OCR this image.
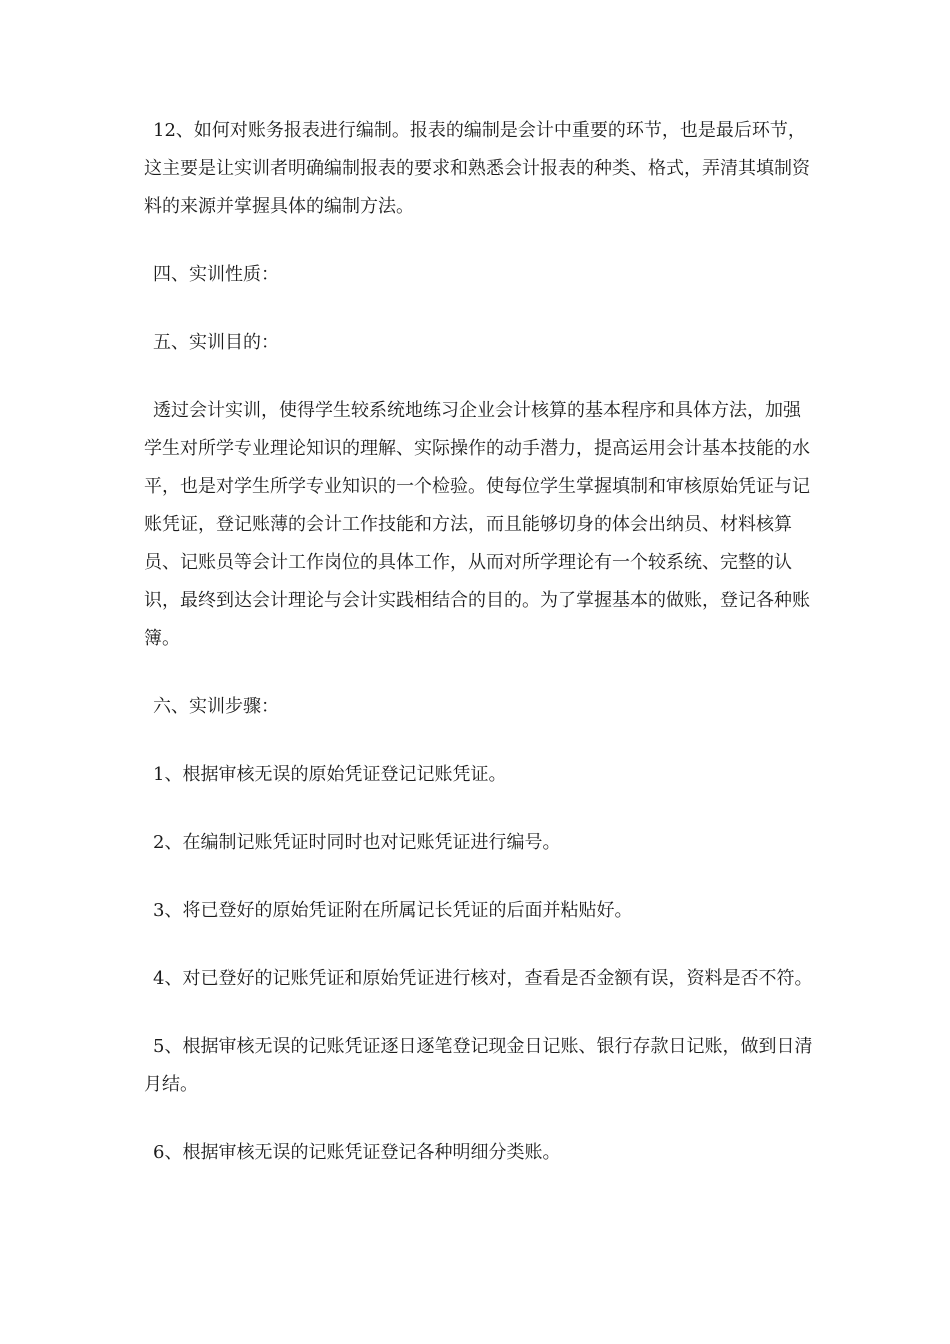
12、如何对账务报表进行编制。报表的编制是会计中重要的环节，也是最后环节，这主要是让实训者明确编制报表的要求和熟悉会计报表的种类、格式，弄清其填制资料的来源并掌握具体的编制方法。

四、实训性质：

五、实训目的：

透过会计实训，使得学生较系统地练习企业会计核算的基本程序和具体方法，加强学生对所学专业理论知识的理解、实际操作的动手潜力，提高运用会计基本技能的水平，也是对学生所学专业知识的一个检验。使每位学生掌握填制和审核原始凭证与记账凭证，登记账薄的会计工作技能和方法，而且能够切身的体会出纳员、材料核算员、记账员等会计工作岗位的具体工作，从而对所学理论有一个较系统、完整的认识，最终到达会计理论与会计实践相结合的目的。为了掌握基本的做账，登记各种账簿。

六、实训步骤：

1、根据审核无误的原始凭证登记记账凭证。

2、在编制记账凭证时同时也对记账凭证进行编号。

3、将已登好的原始凭证附在所属记长凭证的后面并粘贴好。

4、对已登好的记账凭证和原始凭证进行核对，查看是否金额有误，资料是否不符。

5、根据审核无误的记账凭证逐日逐笔登记现金日记账、银行存款日记账，做到日清月结。

6、根据审核无误的记账凭证登记各种明细分类账。
